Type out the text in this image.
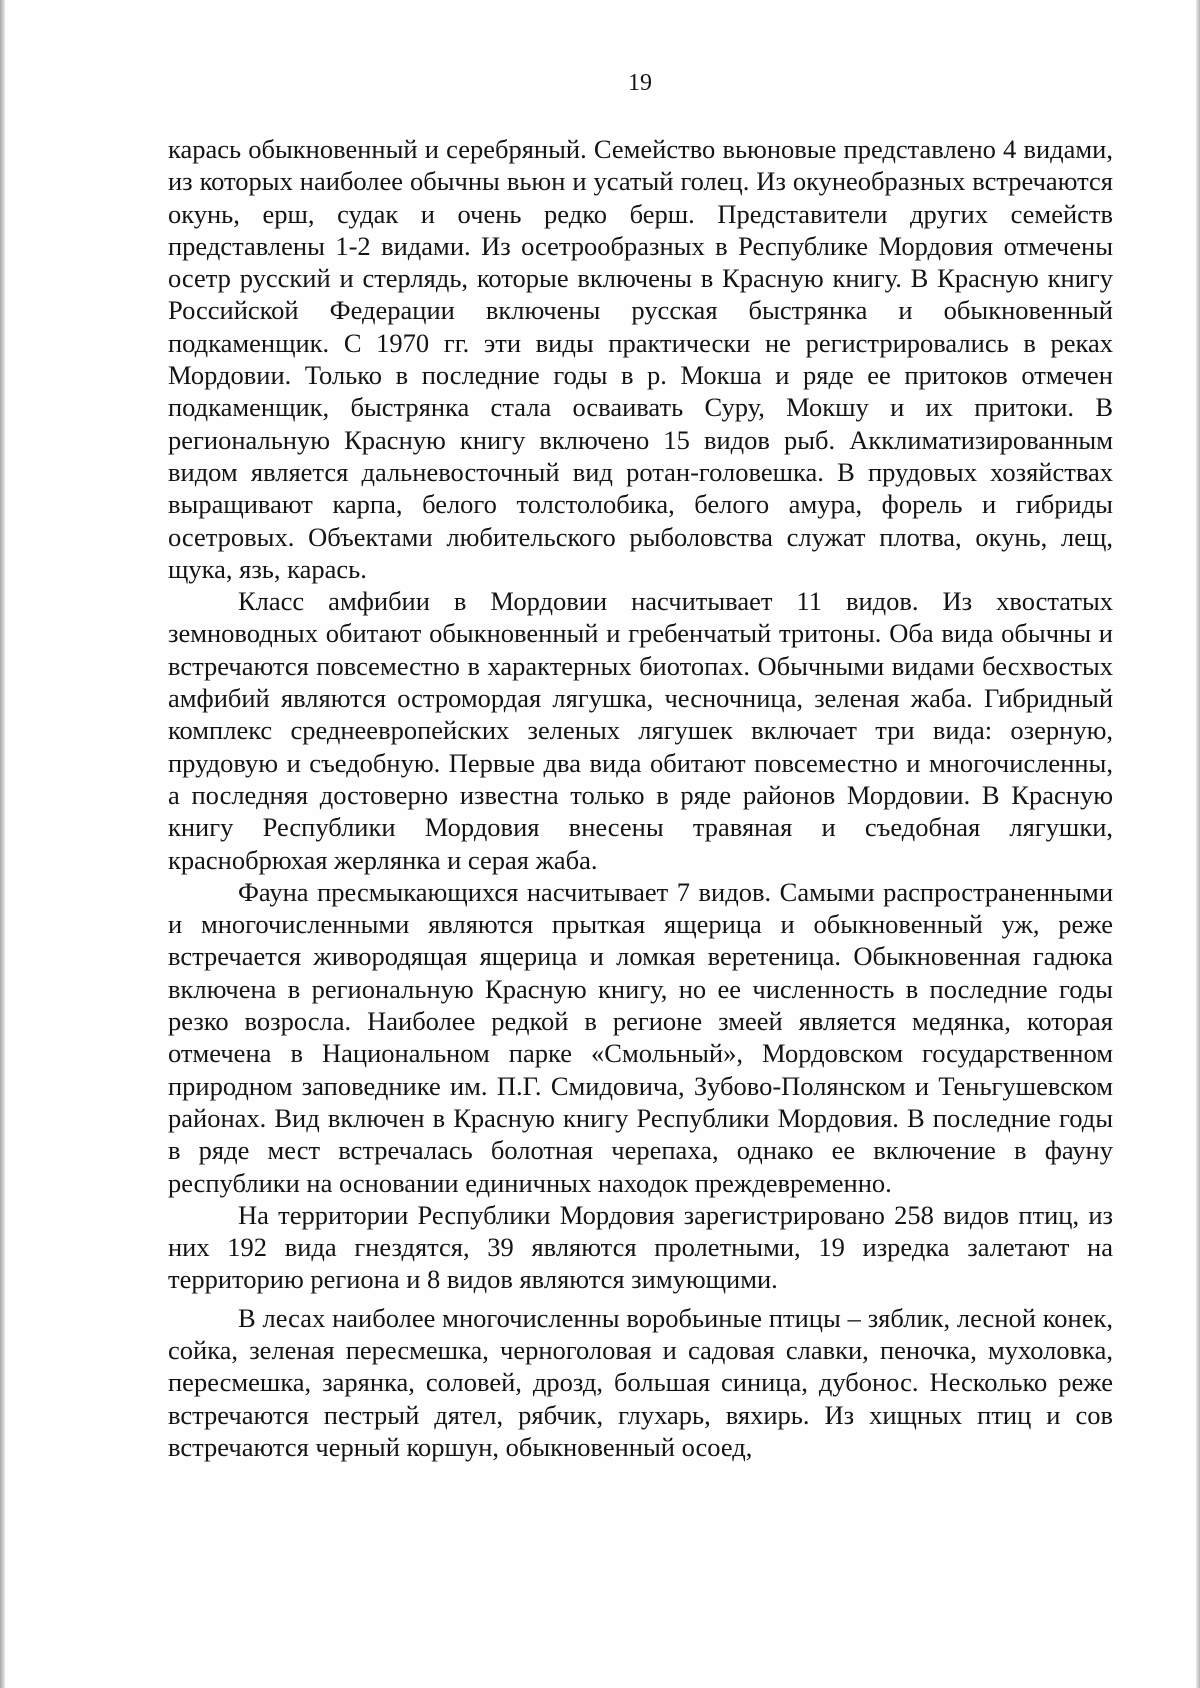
19

карась обыкновенный и серебряный. Семейство вьюновые представлено 4 видами, из которых наиболее обычны вьюн и усатый голец. Из окунеобразных встречаются окунь, ерш, судак и очень редко берш. Представители других семейств представлены 1-2 видами. Из осетрообразных в Республике Мордовия отмечены осетр русский и стерлядь, которые включены в Красную книгу. В Красную книгу Российской Федерации включены русская быстрянка и обыкновенный подкаменщик. С 1970 гг. эти виды практически не регистрировались в реках Мордовии. Только в последние годы в р. Мокша и ряде ее притоков отмечен подкаменщик, быстрянка стала осваивать Суру, Мокшу и их притоки. В региональную Красную книгу включено 15 видов рыб. Акклиматизированным видом является дальневосточный вид ротан-головешка. В прудовых хозяйствах выращивают карпа, белого толстолобика, белого амура, форель и гибриды осетровых. Объектами любительского рыболовства служат плотва, окунь, лещ, щука, язь, карась.

Класс амфибии в Мордовии насчитывает 11 видов. Из хвостатых земноводных обитают обыкновенный и гребенчатый тритоны. Оба вида обычны и встречаются повсеместно в характерных биотопах. Обычными видами бесхвостых амфибий являются остромордая лягушка, чесночница, зеленая жаба. Гибридный комплекс среднеевропейских зеленых лягушек включает три вида: озерную, прудовую и съедобную. Первые два вида обитают повсеместно и многочисленны, а последняя достоверно известна только в ряде районов Мордовии. В Красную книгу Республики Мордовия внесены травяная и съедобная лягушки, краснобрюхая жерлянка и серая жаба.

Фауна пресмыкающихся насчитывает 7 видов. Самыми распространенными и многочисленными являются прыткая ящерица и обыкновенный уж, реже встречается живородящая ящерица и ломкая веретеница. Обыкновенная гадюка включена в региональную Красную книгу, но ее численность в последние годы резко возросла. Наиболее редкой в регионе змеей является медянка, которая отмечена в Национальном парке «Смольный», Мордовском государственном природном заповеднике им. П.Г. Смидовича, Зубово-Полянском и Теньгушевском районах. Вид включен в Красную книгу Республики Мордовия. В последние годы в ряде мест встречалась болотная черепаха, однако ее включение в фауну республики на основании единичных находок преждевременно.

На территории Республики Мордовия зарегистрировано 258 видов птиц, из них 192 вида гнездятся, 39 являются пролетными, 19 изредка залетают на территорию региона и 8 видов являются зимующими.

В лесах наиболее многочисленны воробьиные птицы – зяблик, лесной конек, сойка, зеленая пересмешка, черноголовая и садовая славки, пеночка, мухоловка, пересмешка, зарянка, соловей, дрозд, большая синица, дубонос. Несколько реже встречаются пестрый дятел, рябчик, глухарь, вяхирь. Из хищных птиц и сов встречаются черный коршун, обыкновенный осоед,
